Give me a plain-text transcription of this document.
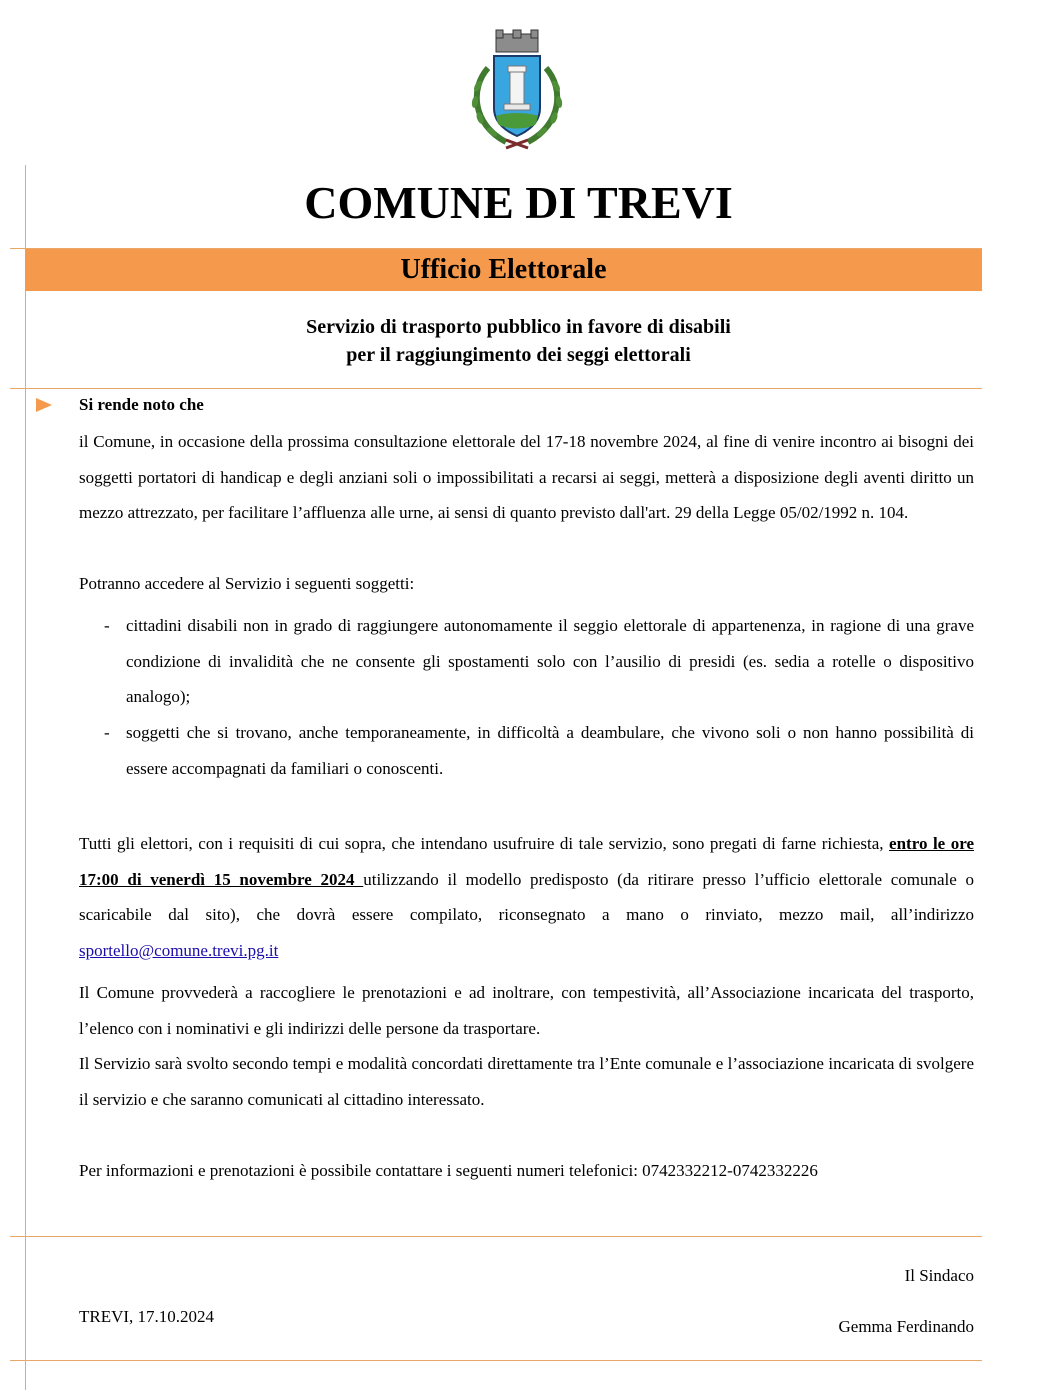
COMUNE DI TREVI
Ufficio Elettorale
Servizio di trasporto pubblico in favore di disabili
per il raggiungimento dei seggi elettorali
Si rende noto che
il Comune, in occasione della prossima consultazione elettorale del 17-18 novembre 2024, al fine di venire incontro ai bisogni dei soggetti portatori di handicap e degli anziani soli o impossibilitati a recarsi ai seggi, metterà a disposizione degli aventi diritto un mezzo attrezzato, per facilitare l’affluenza alle urne, ai sensi di quanto previsto dall'art. 29 della Legge 05/02/1992 n. 104.
Potranno accedere al Servizio i seguenti soggetti:
- cittadini disabili non in grado di raggiungere autonomamente il seggio elettorale di appartenenza, in ragione di una grave condizione di invalidità che ne consente gli spostamenti solo con l’ausilio di presidi (es. sedia a rotelle o dispositivo analogo);
- soggetti che si trovano, anche temporaneamente, in difficoltà a deambulare, che vivono soli o non hanno possibilità di essere accompagnati da familiari o conoscenti.
Tutti gli elettori, con i requisiti di cui sopra, che intendano usufruire di tale servizio, sono pregati di farne richiesta, entro le ore 17:00 di venerdì 15 novembre 2024 utilizzando il modello predisposto (da ritirare presso l’ufficio elettorale comunale o scaricabile dal sito), che dovrà essere compilato, riconsegnato a mano o rinviato, mezzo mail, all’indirizzo sportello@comune.trevi.pg.it
Il Comune provvederà a raccogliere le prenotazioni e ad inoltrare, con tempestività, all’Associazione incaricata del trasporto, l’elenco con i nominativi e gli indirizzi delle persone da trasportare.
Il Servizio sarà svolto secondo tempi e modalità concordati direttamente tra l’Ente comunale e l’associazione incaricata di svolgere il servizio e che saranno comunicati al cittadino interessato.
Per informazioni e prenotazioni è possibile contattare i seguenti numeri telefonici: 0742332212-0742332226
Il Sindaco
TREVI, 17.10.2024
Gemma Ferdinando
